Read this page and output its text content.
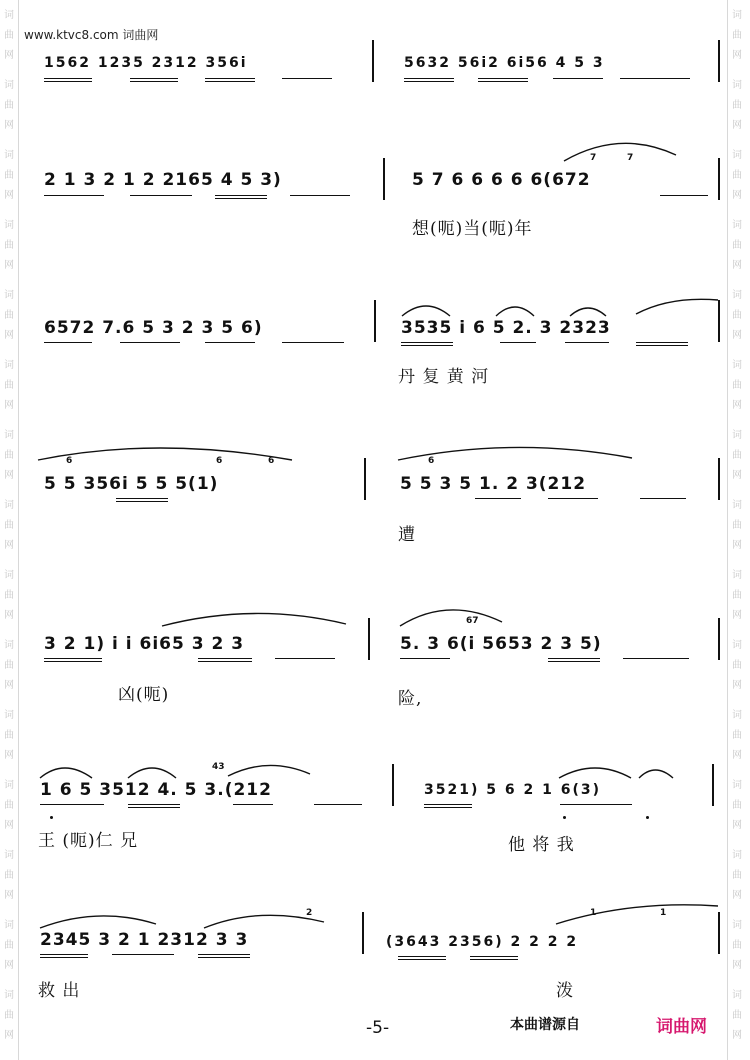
词
曲
网
词
曲
网
词
曲
网
词
曲
网
词
曲
网
词
曲
网
词
曲
网
词
曲
网
词
曲
网
词
曲
网
词
曲
网
词
曲
网
词
曲
网
词
曲
网
词
曲
网
词
曲
网
词
曲
网
词
曲
网
词
曲
网
词
曲
网
词
曲
网
词
曲
网
词
曲
网
词
曲
网
词
曲
网
词
曲
网
词
曲
网
词
曲
网
词
曲
网
词
曲
网
www.ktvc8.com 词曲网
1562 1235 2312 356i	5632 56i2 6i56 4 5 3
2 1 3 2 1 2 2165 4 5 3)	5 7 6 6 6 6 6(672
7	7
想(呃)当(呃)年
6572 7.6 5 3 2 3 5 6)	3535 i 6 5 2. 3 2323
丹 复 黄 河
5 5 356i 5 5 5(1)	5 5 3 5 1. 2 3(212
6	6	6	6
遭
3 2 1) i i 6i65 3 2 3	5. 3 6(i 5653 2 3 5)
67
凶(呃)	险,
1 6 5 3512 4. 5 3.(212	3521) 5 6 2 1 6(3)
43
王 (呃)仁 兄	他 将 我
2345 3 2 1 2312 3 3	(3643 2356) 2 2 2 2
2	1	1
救 出	泼
-5-	本曲谱源自	词曲网
